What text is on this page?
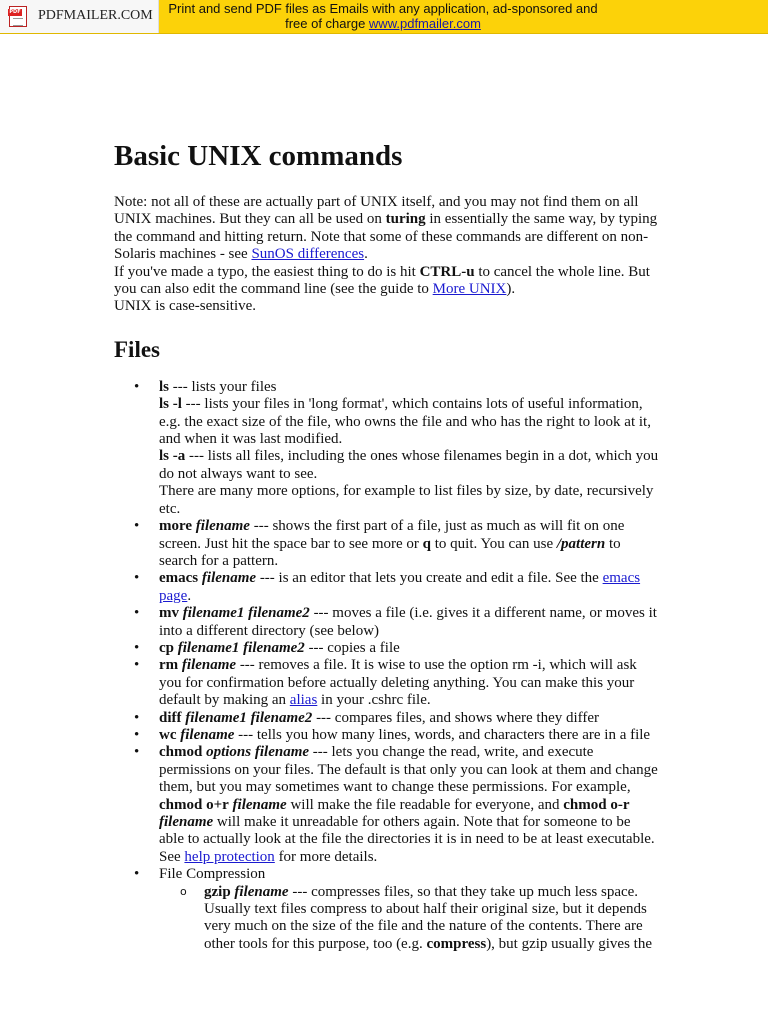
PDF PDFMAILER.COM	Print and send PDF files as Emails with any application, ad-sponsored and
free of charge www.pdfmailer.com
Basic UNIX commands

Note: not all of these are actually part of UNIX itself, and you may not find them on all UNIX machines. But they can all be used on turing in essentially the same way, by typing the command and hitting return. Note that some of these commands are different on non-Solaris machines - see SunOS differences.

If you've made a typo, the easiest thing to do is hit CTRL-u to cancel the whole line. But you can also edit the command line (see the guide to More UNIX).

UNIX is case-sensitive.

Files
• ls --- lists your files
ls -l --- lists your files in 'long format', which contains lots of useful information, e.g. the exact size of the file, who owns the file and who has the right to look at it, and when it was last modified.
ls -a --- lists all files, including the ones whose filenames begin in a dot, which you do not always want to see.
There are many more options, for example to list files by size, by date, recursively etc.
• more filename --- shows the first part of a file, just as much as will fit on one screen. Just hit the space bar to see more or q to quit. You can use /pattern to search for a pattern.
• emacs filename --- is an editor that lets you create and edit a file. See the emacs page.
• mv filename1 filename2 --- moves a file (i.e. gives it a different name, or moves it into a different directory (see below)
• cp filename1 filename2 --- copies a file
• rm filename --- removes a file. It is wise to use the option rm -i, which will ask you for confirmation before actually deleting anything. You can make this your default by making an alias in your .cshrc file.
• diff filename1 filename2 --- compares files, and shows where they differ
• wc filename --- tells you how many lines, words, and characters there are in a file
• chmod options filename --- lets you change the read, write, and execute permissions on your files. The default is that only you can look at them and change them, but you may sometimes want to change these permissions. For example, chmod o+r filename will make the file readable for everyone, and chmod o-r filename will make it unreadable for others again. Note that for someone to be able to actually look at the file the directories it is in need to be at least executable. See help protection for more details.
• File Compression
o gzip filename --- compresses files, so that they take up much less space. Usually text files compress to about half their original size, but it depends very much on the size of the file and the nature of the contents. There are other tools for this purpose, too (e.g. compress), but gzip usually gives the
